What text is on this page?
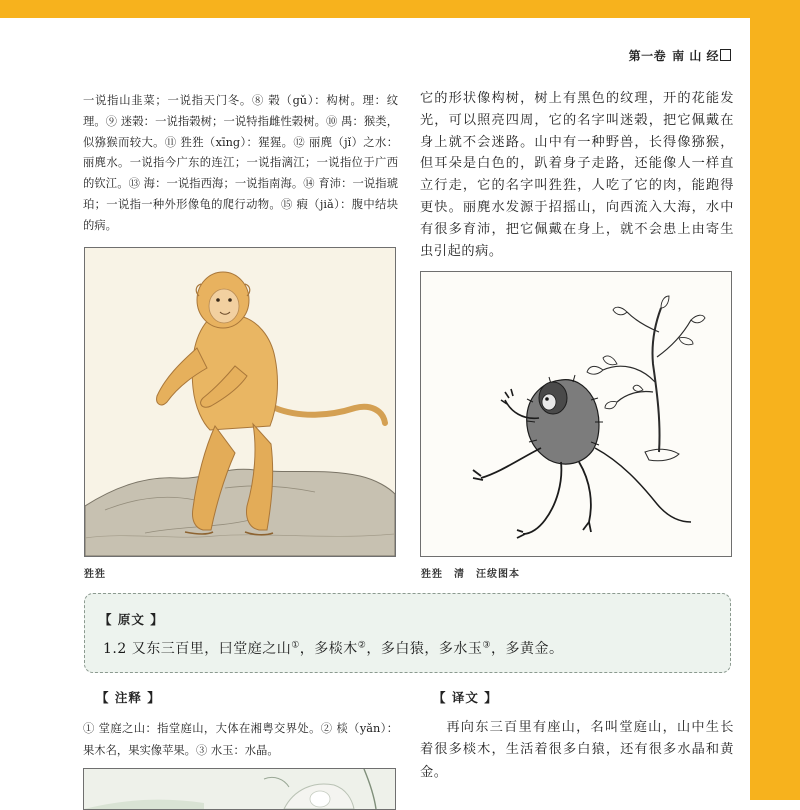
第一卷 南 山 经
一说指山韭菜；一说指天门冬。⑧ 榖（gǔ）：构树。理：纹理。⑨ 迷榖：一说指榖树；一说特指雌性榖树。⑩ 禺：猴类，似猕猴而较大。⑪ 狌狌（xīng）：猩猩。⑫ 丽麂（jǐ）之水：丽麂水。一说指今广东的连江；一说指漓江；一说指位于广西的钦江。⑬ 海：一说指西海；一说指南海。⑭ 育沛：一说指琥珀；一说指一种外形像龟的爬行动物。⑮ 瘕（jiǎ）：腹中结块的病。
它的形状像构树，树上有黑色的纹理，开的花能发光，可以照亮四周，它的名字叫迷榖，把它佩戴在身上就不会迷路。山中有一种野兽，长得像猕猴，但耳朵是白色的，趴着身子走路，还能像人一样直立行走，它的名字叫狌狌，人吃了它的肉，能跑得更快。丽麂水发源于招摇山，向西流入大海，水中有很多育沛，把它佩戴在身上，就不会患上由寄生虫引起的病。
狌狌	狌狌　清　汪绂图本
【 原文 】
1.2 又东三百里，曰堂庭之山①，多棪木②，多白猿，多水玉③，多黄金。
【 注释 】	【 译文 】
① 堂庭之山：指堂庭山，大体在湘粤交界处。② 棪（yǎn）：果木名，果实像苹果。③ 水玉：水晶。
再向东三百里有座山，名叫堂庭山，山中生长着很多棪木，生活着很多白猿，还有很多水晶和黄金。
